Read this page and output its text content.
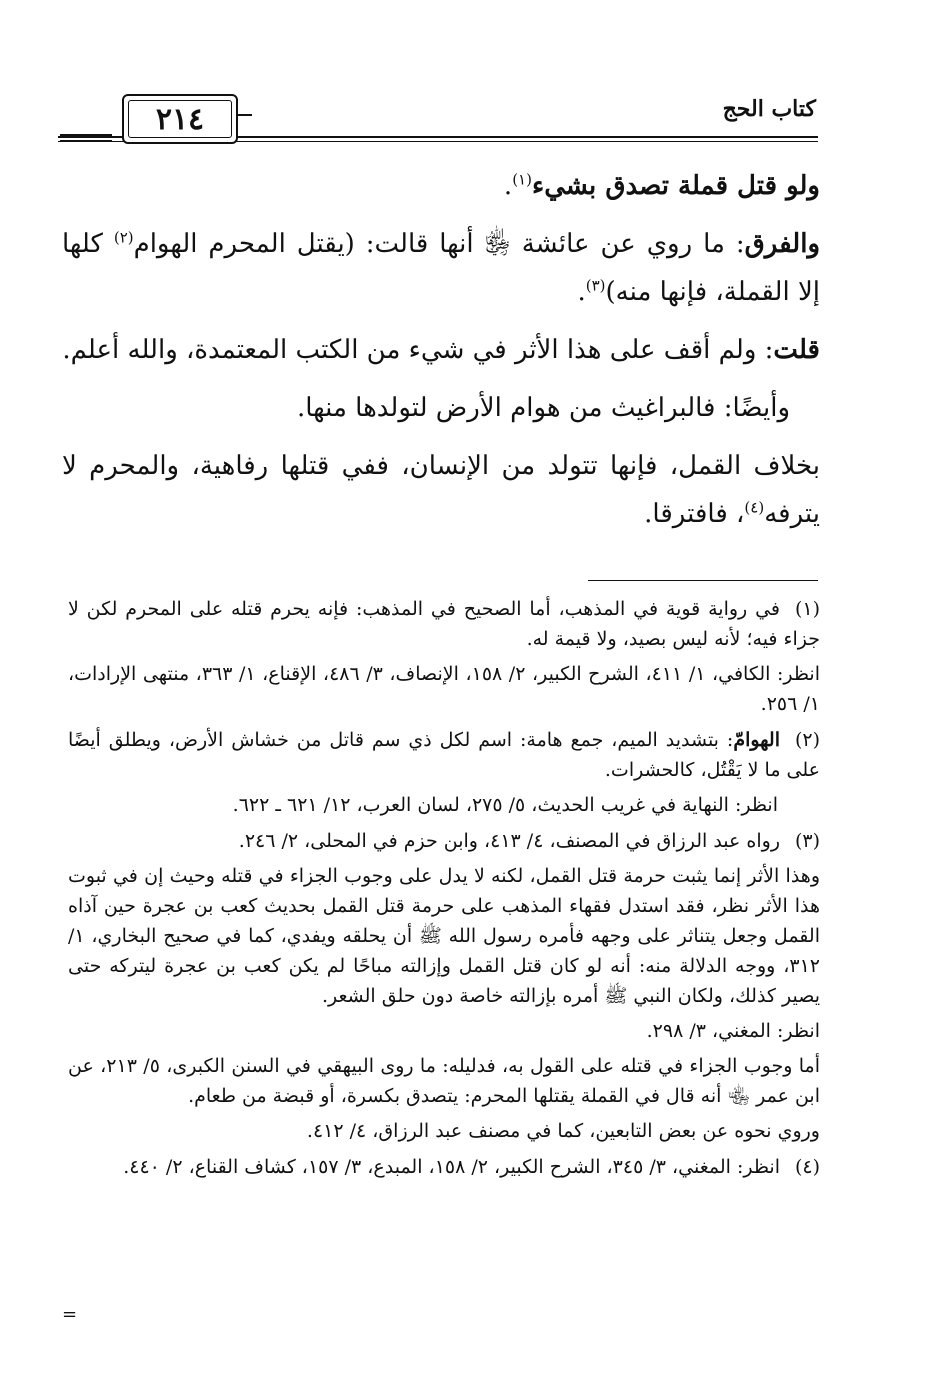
كتاب الحج
٢١٤

ولو قتل قملة تصدق بشيء$^{(١)}$.

والفرق: ما روي عن عائشة ﵂ أنها قالت: (يقتل المحرم الهوام$^{(٢)}$ كلها إلا القملة، فإنها منه)$^{(٣)}$.

قلت: ولم أقف على هذا الأثر في شيء من الكتب المعتمدة، والله أعلم.

وأيضًا: فالبراغيث من هوام الأرض لتولدها منها.

بخلاف القمل، فإنها تتولد من الإنسان، ففي قتلها رفاهية، والمحرم لا يترفه$^{(٤)}$، فافترقا.

(١)في رواية قوية في المذهب، أما الصحيح في المذهب: فإنه يحرم قتله على المحرم لكن لا جزاء فيه؛ لأنه ليس بصيد، ولا قيمة له.
انظر: الكافي، ١/ ٤١١، الشرح الكبير، ٢/ ١٥٨، الإنصاف، ٣/ ٤٨٦، الإقناع، ١/ ٣٦٣، منتهى الإرادات، ١/ ٢٥٦.
(٢)الهوامّ: بتشديد الميم، جمع هامة: اسم لكل ذي سم قاتل من خشاش الأرض، ويطلق أيضًا على ما لا يَقْتُل، كالحشرات.
انظر: النهاية في غريب الحديث، ٥/ ٢٧٥، لسان العرب، ١٢/ ٦٢١ ـ ٦٢٢.
(٣)رواه عبد الرزاق في المصنف، ٤/ ٤١٣، وابن حزم في المحلى، ٢/ ٢٤٦.
وهذا الأثر إنما يثبت حرمة قتل القمل، لكنه لا يدل على وجوب الجزاء في قتله وحيث إن في ثبوت هذا الأثر نظر، فقد استدل فقهاء المذهب على حرمة قتل القمل بحديث كعب بن عجرة حين آذاه القمل وجعل يتناثر على وجهه فأمره رسول الله ﷺ أن يحلقه ويفدي، كما في صحيح البخاري، ١/ ٣١٢، ووجه الدلالة منه: أنه لو كان قتل القمل وإزالته مباحًا لم يكن كعب بن عجرة ليتركه حتى يصير كذلك، ولكان النبي ﷺ أمره بإزالته خاصة دون حلق الشعر.
انظر: المغني، ٣/ ٢٩٨.
أما وجوب الجزاء في قتله على القول به، فدليله: ما روى البيهقي في السنن الكبرى، ٥/ ٢١٣، عن ابن عمر ﵄ أنه قال في القملة يقتلها المحرم: يتصدق بكسرة، أو قبضة من طعام.
وروي نحوه عن بعض التابعين، كما في مصنف عبد الرزاق، ٤/ ٤١٢.
(٤)انظر: المغني، ٣/ ٣٤٥، الشرح الكبير، ٢/ ١٥٨، المبدع، ٣/ ١٥٧، كشاف القناع، ٢/ ٤٤٠.
=
